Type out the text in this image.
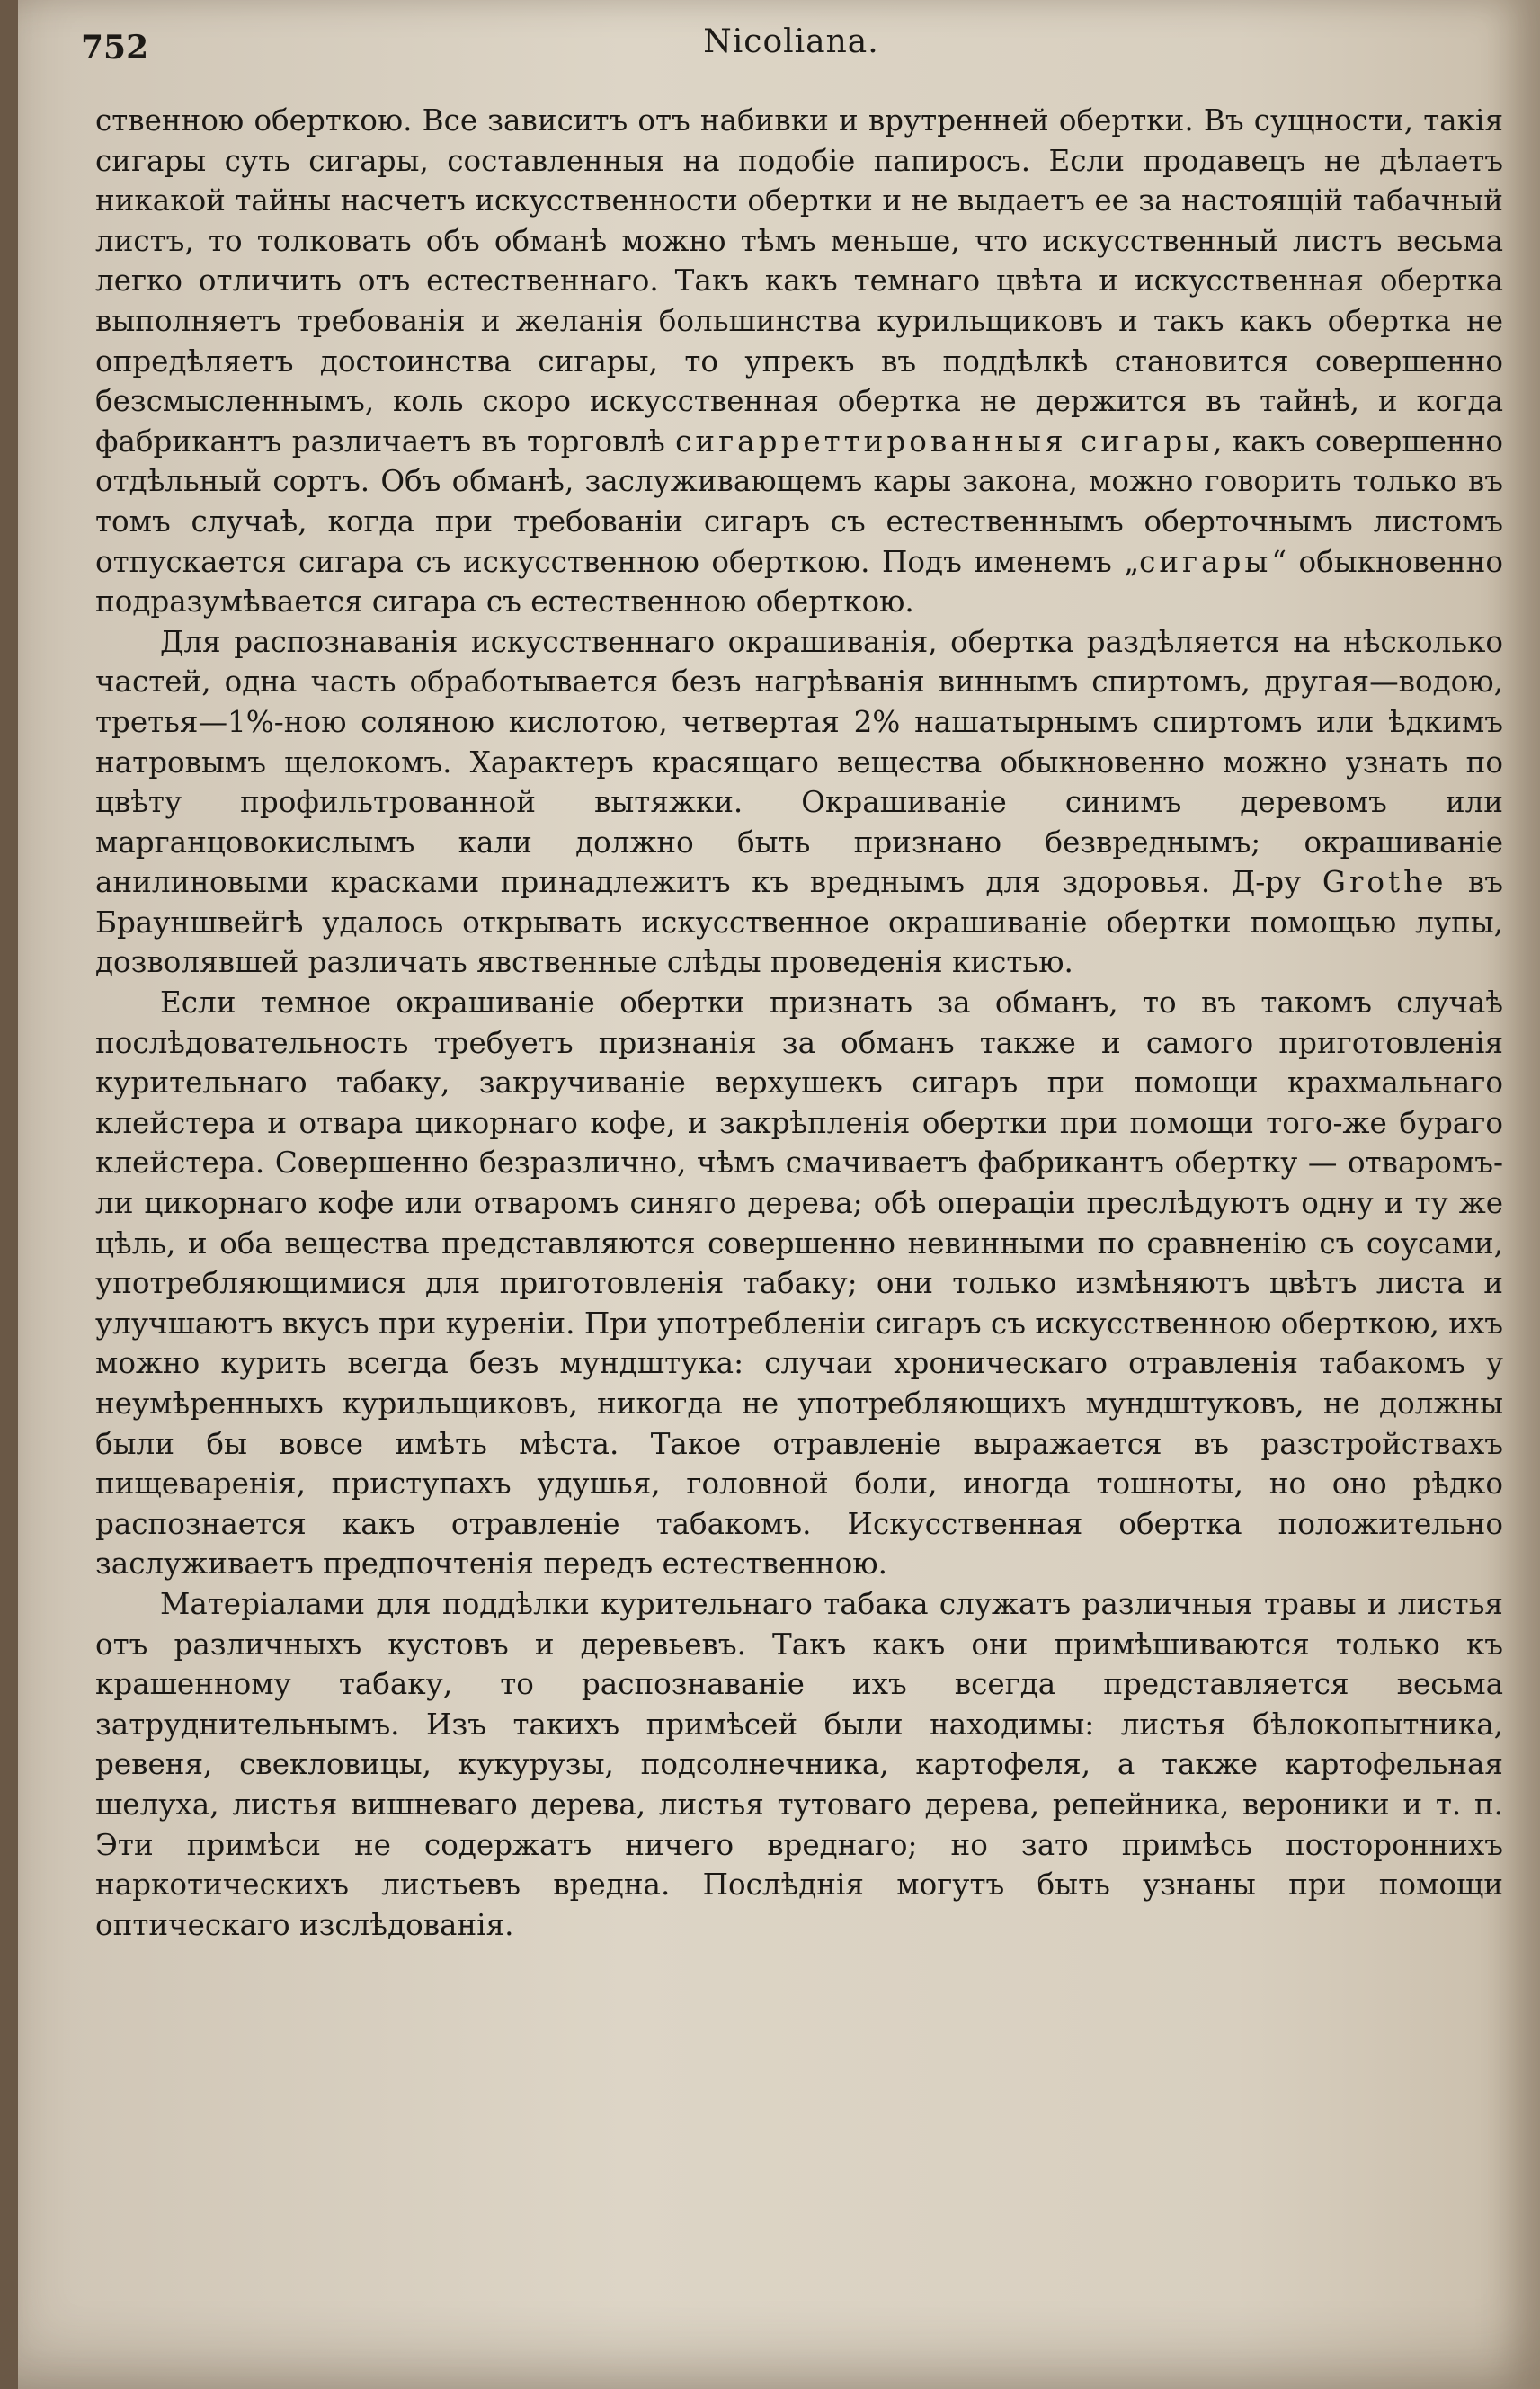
752	Nicoliana.

ственною оберткою. Все зависитъ отъ набивки и врутренней обертки. Въ сущности, такія сигары суть сигары, составленныя на подобіе папиросъ. Если продавецъ не дѣлаетъ никакой тайны насчетъ искусственности обертки и не выдаетъ ее за настоящій табачный листъ, то толковать объ обманѣ можно тѣмъ меньше, что искусственный листъ весьма легко отличить отъ естественнаго. Такъ какъ темнаго цвѣта и искусственная обертка выполняетъ требованія и желанія большинства курильщиковъ и такъ какъ обертка не опредѣляетъ достоинства сигары, то упрекъ въ поддѣлкѣ становится совершенно безсмысленнымъ, коль скоро искусственная обертка не держится въ тайнѣ, и когда фабрикантъ различаетъ въ торговлѣ сигарреттированныя сигары, какъ совершенно отдѣльный сортъ. Объ обманѣ, заслуживающемъ кары закона, можно говорить только въ томъ случаѣ, когда при требованіи сигаръ съ естественнымъ оберточнымъ листомъ отпускается сигара съ искусственною оберткою. Подъ именемъ „сигары“ обыкновенно подразумѣвается сигара съ естественною оберткою.

Для распознаванія искусственнаго окрашиванія, обертка раздѣляется на нѣсколько частей, одна часть обработывается безъ нагрѣванія виннымъ спиртомъ, другая—водою, третья—1%-ною соляною кислотою, четвертая 2% нашатырнымъ спиртомъ или ѣдкимъ натровымъ щелокомъ. Характеръ красящаго вещества обыкновенно можно узнать по цвѣту профильтрованной вытяжки. Окрашиваніе синимъ деревомъ или марганцовокислымъ кали должно быть признано безвреднымъ; окрашиваніе анилиновыми красками принадлежитъ къ вреднымъ для здоровья. Д-ру Grothe въ Брауншвейгѣ удалось открывать искусственное окрашиваніе обертки помощью лупы, дозволявшей различать явственные слѣды проведенія кистью.

Если темное окрашиваніе обертки признать за обманъ, то въ такомъ случаѣ послѣдовательность требуетъ признанія за обманъ также и самого приготовленія курительнаго табаку, закручиваніе верхушекъ сигаръ при помощи крахмальнаго клейстера и отвара цикорнаго кофе, и закрѣпленія обертки при помощи того-же бураго клейстера. Совершенно безразлично, чѣмъ смачиваетъ фабрикантъ обертку — отваромъ-ли цикорнаго кофе или отваромъ синяго дерева; обѣ операціи преслѣдуютъ одну и ту же цѣль, и оба вещества представляются совершенно невинными по сравненію съ соусами, употребляющимися для приготовленія табаку; они только измѣняютъ цвѣтъ листа и улучшаютъ вкусъ при куреніи. При употребленіи сигаръ съ искусственною оберткою, ихъ можно курить всегда безъ мундштука: случаи хроническаго отравленія табакомъ у неумѣренныхъ курильщиковъ, никогда не употребляющихъ мундштуковъ, не должны были бы вовсе имѣть мѣста. Такое отравленіе выражается въ разстройствахъ пищеваренія, приступахъ удушья, головной боли, иногда тошноты, но оно рѣдко распознается какъ отравленіе табакомъ. Искусственная обертка положительно заслуживаетъ предпочтенія передъ естественною.

Матеріалами для поддѣлки курительнаго табака служатъ различныя травы и листья отъ различныхъ кустовъ и деревьевъ. Такъ какъ они примѣшиваются только къ крашенному табаку, то распознаваніе ихъ всегда представляется весьма затруднительнымъ. Изъ такихъ примѣсей были находимы: листья бѣлокопытника, ревеня, свекловицы, кукурузы, подсолнечника, картофеля, а также картофельная шелуха, листья вишневаго дерева, листья тутоваго дерева, репейника, вероники и т. п. Эти примѣси не содержатъ ничего вреднаго; но зато примѣсь постороннихъ наркотическихъ листьевъ вредна. Послѣднія могутъ быть узнаны при помощи оптическаго изслѣдованія.
